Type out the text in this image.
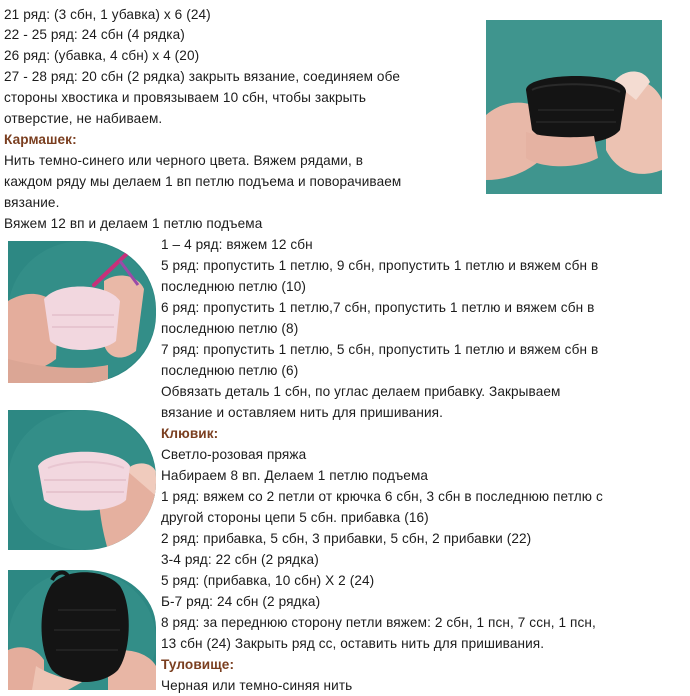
21 ряд: (3 сбн, 1 убавка) х 6 (24)
22 - 25 ряд: 24 сбн (4 рядка)
26 ряд: (убавка, 4 сбн) х 4 (20)
27 - 28 ряд: 20 сбн (2 рядка) закрыть вязание, соединяем обе
стороны хвостика и провязываем 10 сбн, чтобы закрыть
отверстие, не набиваем.
Кармашек:
Нить темно-синего или черного цвета. Вяжем рядами, в
каждом ряду мы делаем 1 вп петлю подъема и поворачиваем
вязание.
Вяжем 12 вп и делаем 1 петлю подъема
1 – 4 ряд: вяжем 12 сбн
5 ряд: пропустить 1 петлю, 9 сбн, пропустить 1 петлю и вяжем сбн в
последнюю петлю (10)
6 ряд: пропустить 1 петлю,7 сбн, пропустить 1 петлю и вяжем сбн в
последнюю петлю (8)
7 ряд: пропустить 1 петлю, 5 сбн, пропустить 1 петлю и вяжем сбн в
последнюю петлю (6)
Обвязать деталь 1 сбн, по углас делаем прибавку. Закрываем
вязание и оставляем нить для пришивания.
Клювик:
Светло-розовая пряжа
Набираем 8 вп. Делаем 1 петлю подъема
1 ряд: вяжем со 2 петли от крючка 6 сбн, 3 сбн в последнюю петлю с
другой стороны цепи 5 сбн. прибавка (16)
2 ряд: прибавка, 5 сбн, 3 прибавки, 5 сбн, 2 прибавки (22)
3-4 ряд: 22 сбн (2 рядка)
5 ряд: (прибавка, 10 сбн) Х 2 (24)
Б-7 ряд: 24 сбн (2 рядка)
8 ряд: за переднюю сторону петли вяжем: 2 сбн, 1 псн, 7 ссн, 1 псн,
13 сбн (24) Закрыть ряд сс, оставить нить для пришивания.
Туловище:
Черная или темно-синяя нить
